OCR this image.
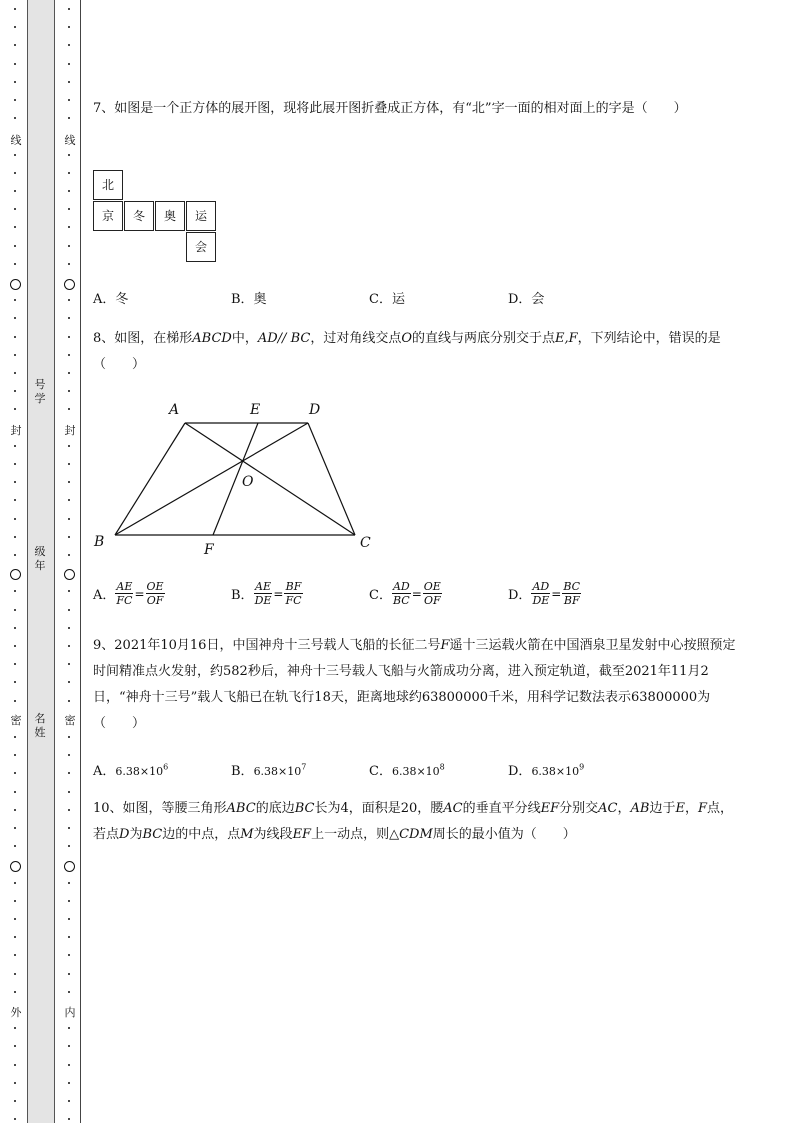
线
封
密
外
线
封
密
内
号
学
级
年
名
姓
7、如图是一个正方体的展开图，现将此展开图折叠成正方体，有“北”字一面的相对面上的字是（　　）
北
京	冬	奥	运
会
A．冬	B．奥	C．运	D．会
8、如图，在梯形ABCD中，AD// BC，过对角线交点O的直线与两底分别交于点E,F，下列结论中，错误的是（　　）
A	E	D
O
B	F	C
A． $\frac{AE}{FC} = \frac{OE}{OF}$	B． $\frac{AE}{DE} = \frac{BF}{FC}$	C． $\frac{AD}{BC} = \frac{OE}{OF}$	D． $\frac{AD}{DE} = \frac{BC}{BF}$
9、2021年10月16日，中国神舟十三号载人飞船的长征二号F遥十三运载火箭在中国酒泉卫星发射中心按照预定时间精准点火发射，约582秒后，神舟十三号载人飞船与火箭成功分离，进入预定轨道，截至2021年11月2日，“神舟十三号”载人飞船已在轨飞行18天，距离地球约63800000千米，用科学记数法表示63800000为（　　）
A．$6.38\times 10^6$	B．$6.38\times 10^7$	C．$6.38\times 10^8$	D．$6.38\times 10^9$
10、如图，等腰三角形ABC的底边BC长为4，面积是20，腰AC的垂直平分线EF分别交AC，AB边于E，F点，若点D为BC边的中点，点M为线段EF上一动点，则△CDM周长的最小值为（　　）
